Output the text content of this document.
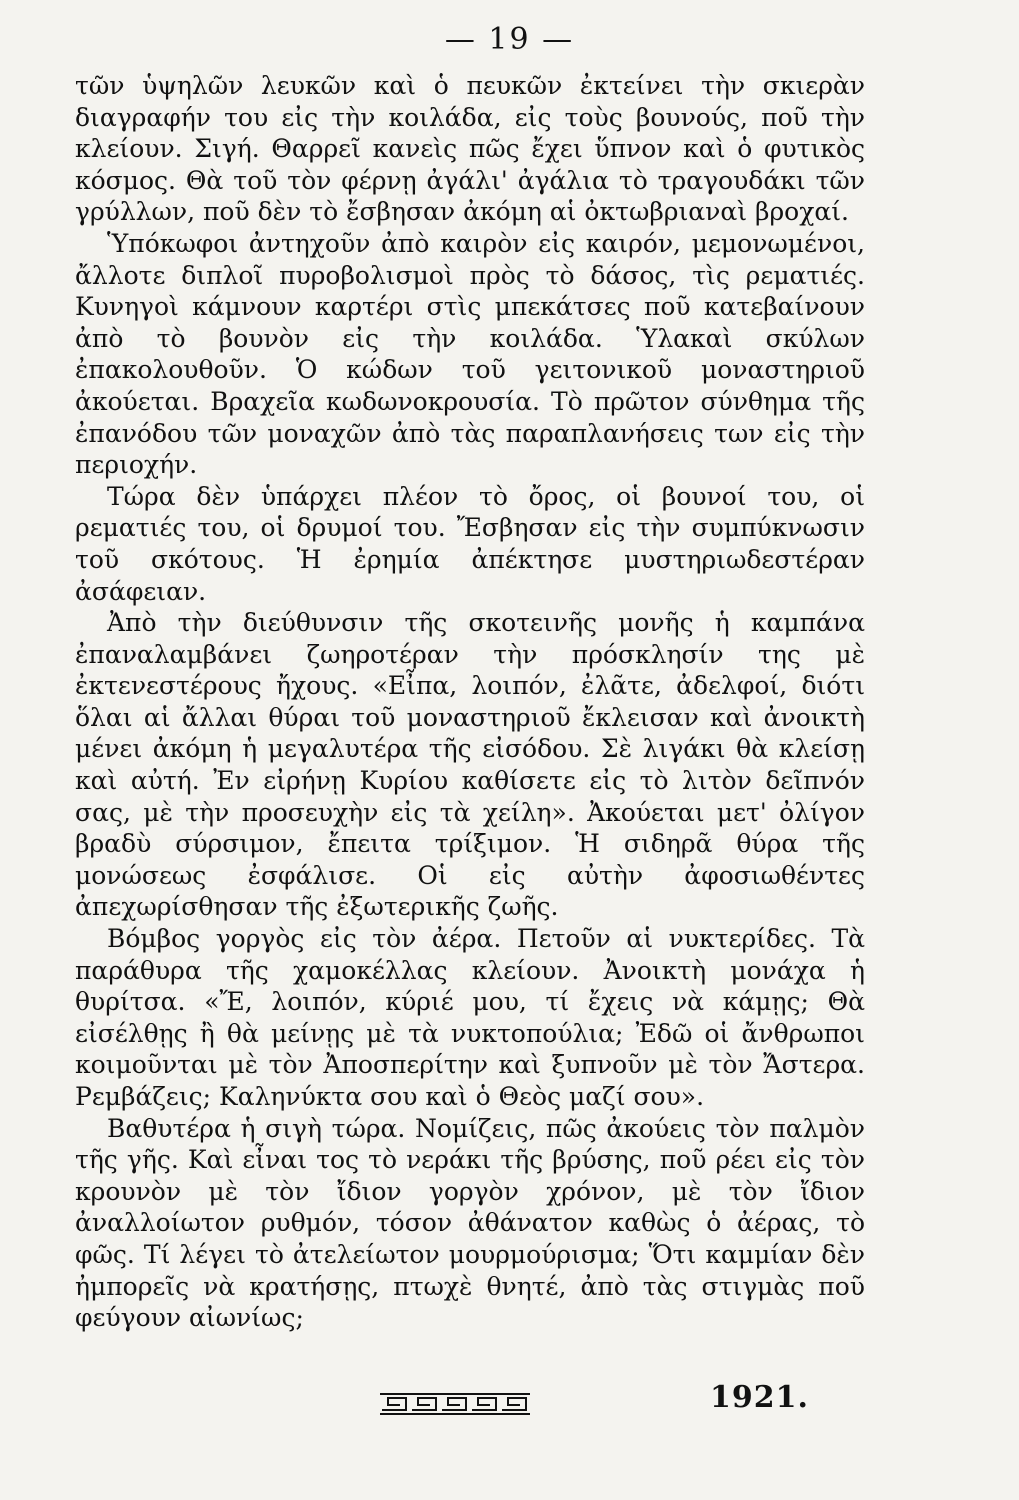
— 19 —

τῶν ὑψηλῶν λευκῶν καὶ ὁ πευκῶν ἐκτείνει τὴν σκιερὰν διαγραφήν του εἰς τὴν κοιλάδα, εἰς τοὺς βουνούς, ποῦ τὴν κλείουν. Σιγή. Θαρρεῖ κανεὶς πῶς ἔχει ὕπνον καὶ ὁ φυτικὸς κόσμος. Θὰ τοῦ τὸν φέρνῃ ἀγάλι' ἀγάλια τὸ τραγουδάκι τῶν γρύλλων, ποῦ δὲν τὸ ἔσβησαν ἀκόμη αἱ ὀκτωβριαναὶ βροχαί.

Ὑπόκωφοι ἀντηχοῦν ἀπὸ καιρὸν εἰς καιρόν, μεμονωμένοι, ἄλλοτε διπλοῖ πυροβολισμοὶ πρὸς τὸ δάσος, τὶς ρεματιές. Κυνηγοὶ κάμνουν καρτέρι στὶς μπεκάτσες ποῦ κατεβαίνουν ἀπὸ τὸ βουνὸν εἰς τὴν κοιλάδα. Ὑλακαὶ σκύλων ἐπακολουθοῦν. Ὁ κώδων τοῦ γειτονικοῦ μοναστηριοῦ ἀκούεται. Βραχεῖα κωδωνοκρουσία. Τὸ πρῶτον σύνθημα τῆς ἐπανόδου τῶν μοναχῶν ἀπὸ τὰς παραπλανήσεις των εἰς τὴν περιοχήν.

Τώρα δὲν ὑπάρχει πλέον τὸ ὄρος, οἱ βουνοί του, οἱ ρεματιές του, οἱ δρυμοί του. Ἔσβησαν εἰς τὴν συμπύκνωσιν τοῦ σκότους. Ἡ ἐρημία ἀπέκτησε μυστηριωδεστέραν ἀσάφειαν.

Ἀπὸ τὴν διεύθυνσιν τῆς σκοτεινῆς μονῆς ἡ καμπάνα ἐπαναλαμβάνει ζωηροτέραν τὴν πρόσκλησίν της μὲ ἐκτενεστέρους ἤχους. «Εἶπα, λοιπόν, ἐλᾶτε, ἀδελφοί, διότι ὅλαι αἱ ἄλλαι θύραι τοῦ μοναστηριοῦ ἔκλεισαν καὶ ἀνοικτὴ μένει ἀκόμη ἡ μεγαλυτέρα τῆς εἰσόδου. Σὲ λιγάκι θὰ κλείσῃ καὶ αὐτή. Ἐν εἰρήνῃ Κυρίου καθίσετε εἰς τὸ λιτὸν δεῖπνόν σας, μὲ τὴν προσευχὴν εἰς τὰ χείλη». Ἀκούεται μετ' ὀλίγον βραδὺ σύρσιμον, ἔπειτα τρίξιμον. Ἡ σιδηρᾶ θύρα τῆς μονώσεως ἐσφάλισε. Οἱ εἰς αὐτὴν ἀφοσιωθέντες ἀπεχωρίσθησαν τῆς ἐξωτερικῆς ζωῆς.

Βόμβος γοργὸς εἰς τὸν ἀέρα. Πετοῦν αἱ νυκτερίδες. Τὰ παράθυρα τῆς χαμοκέλλας κλείουν. Ἀνοικτὴ μονάχα ἡ θυρίτσα. «Ἔ, λοιπόν, κύριέ μου, τί ἔχεις νὰ κάμῃς; Θὰ εἰσέλθῃς ἢ θὰ μείνῃς μὲ τὰ νυκτοπούλια; Ἐδῶ οἱ ἄνθρωποι κοιμοῦνται μὲ τὸν Ἀποσπερίτην καὶ ξυπνοῦν μὲ τὸν Ἄστερα. Ρεμβάζεις; Καληνύκτα σου καὶ ὁ Θεὸς μαζί σου».

Βαθυτέρα ἡ σιγὴ τώρα. Νομίζεις, πῶς ἀκούεις τὸν παλμὸν τῆς γῆς. Καὶ εἶναι τος τὸ νεράκι τῆς βρύσης, ποῦ ρέει εἰς τὸν κρουνὸν μὲ τὸν ἴδιον γοργὸν χρόνον, μὲ τὸν ἴδιον ἀναλλοίωτον ρυθμόν, τόσον ἀθάνατον καθὼς ὁ ἀέρας, τὸ φῶς. Τί λέγει τὸ ἀτελείωτον μουρμούρισμα; Ὅτι καμμίαν δὲν ἠμπορεῖς νὰ κρατήσῃς, πτωχὲ θνητέ, ἀπὸ τὰς στιγμὰς ποῦ φεύγουν αἰωνίως;

1921.
